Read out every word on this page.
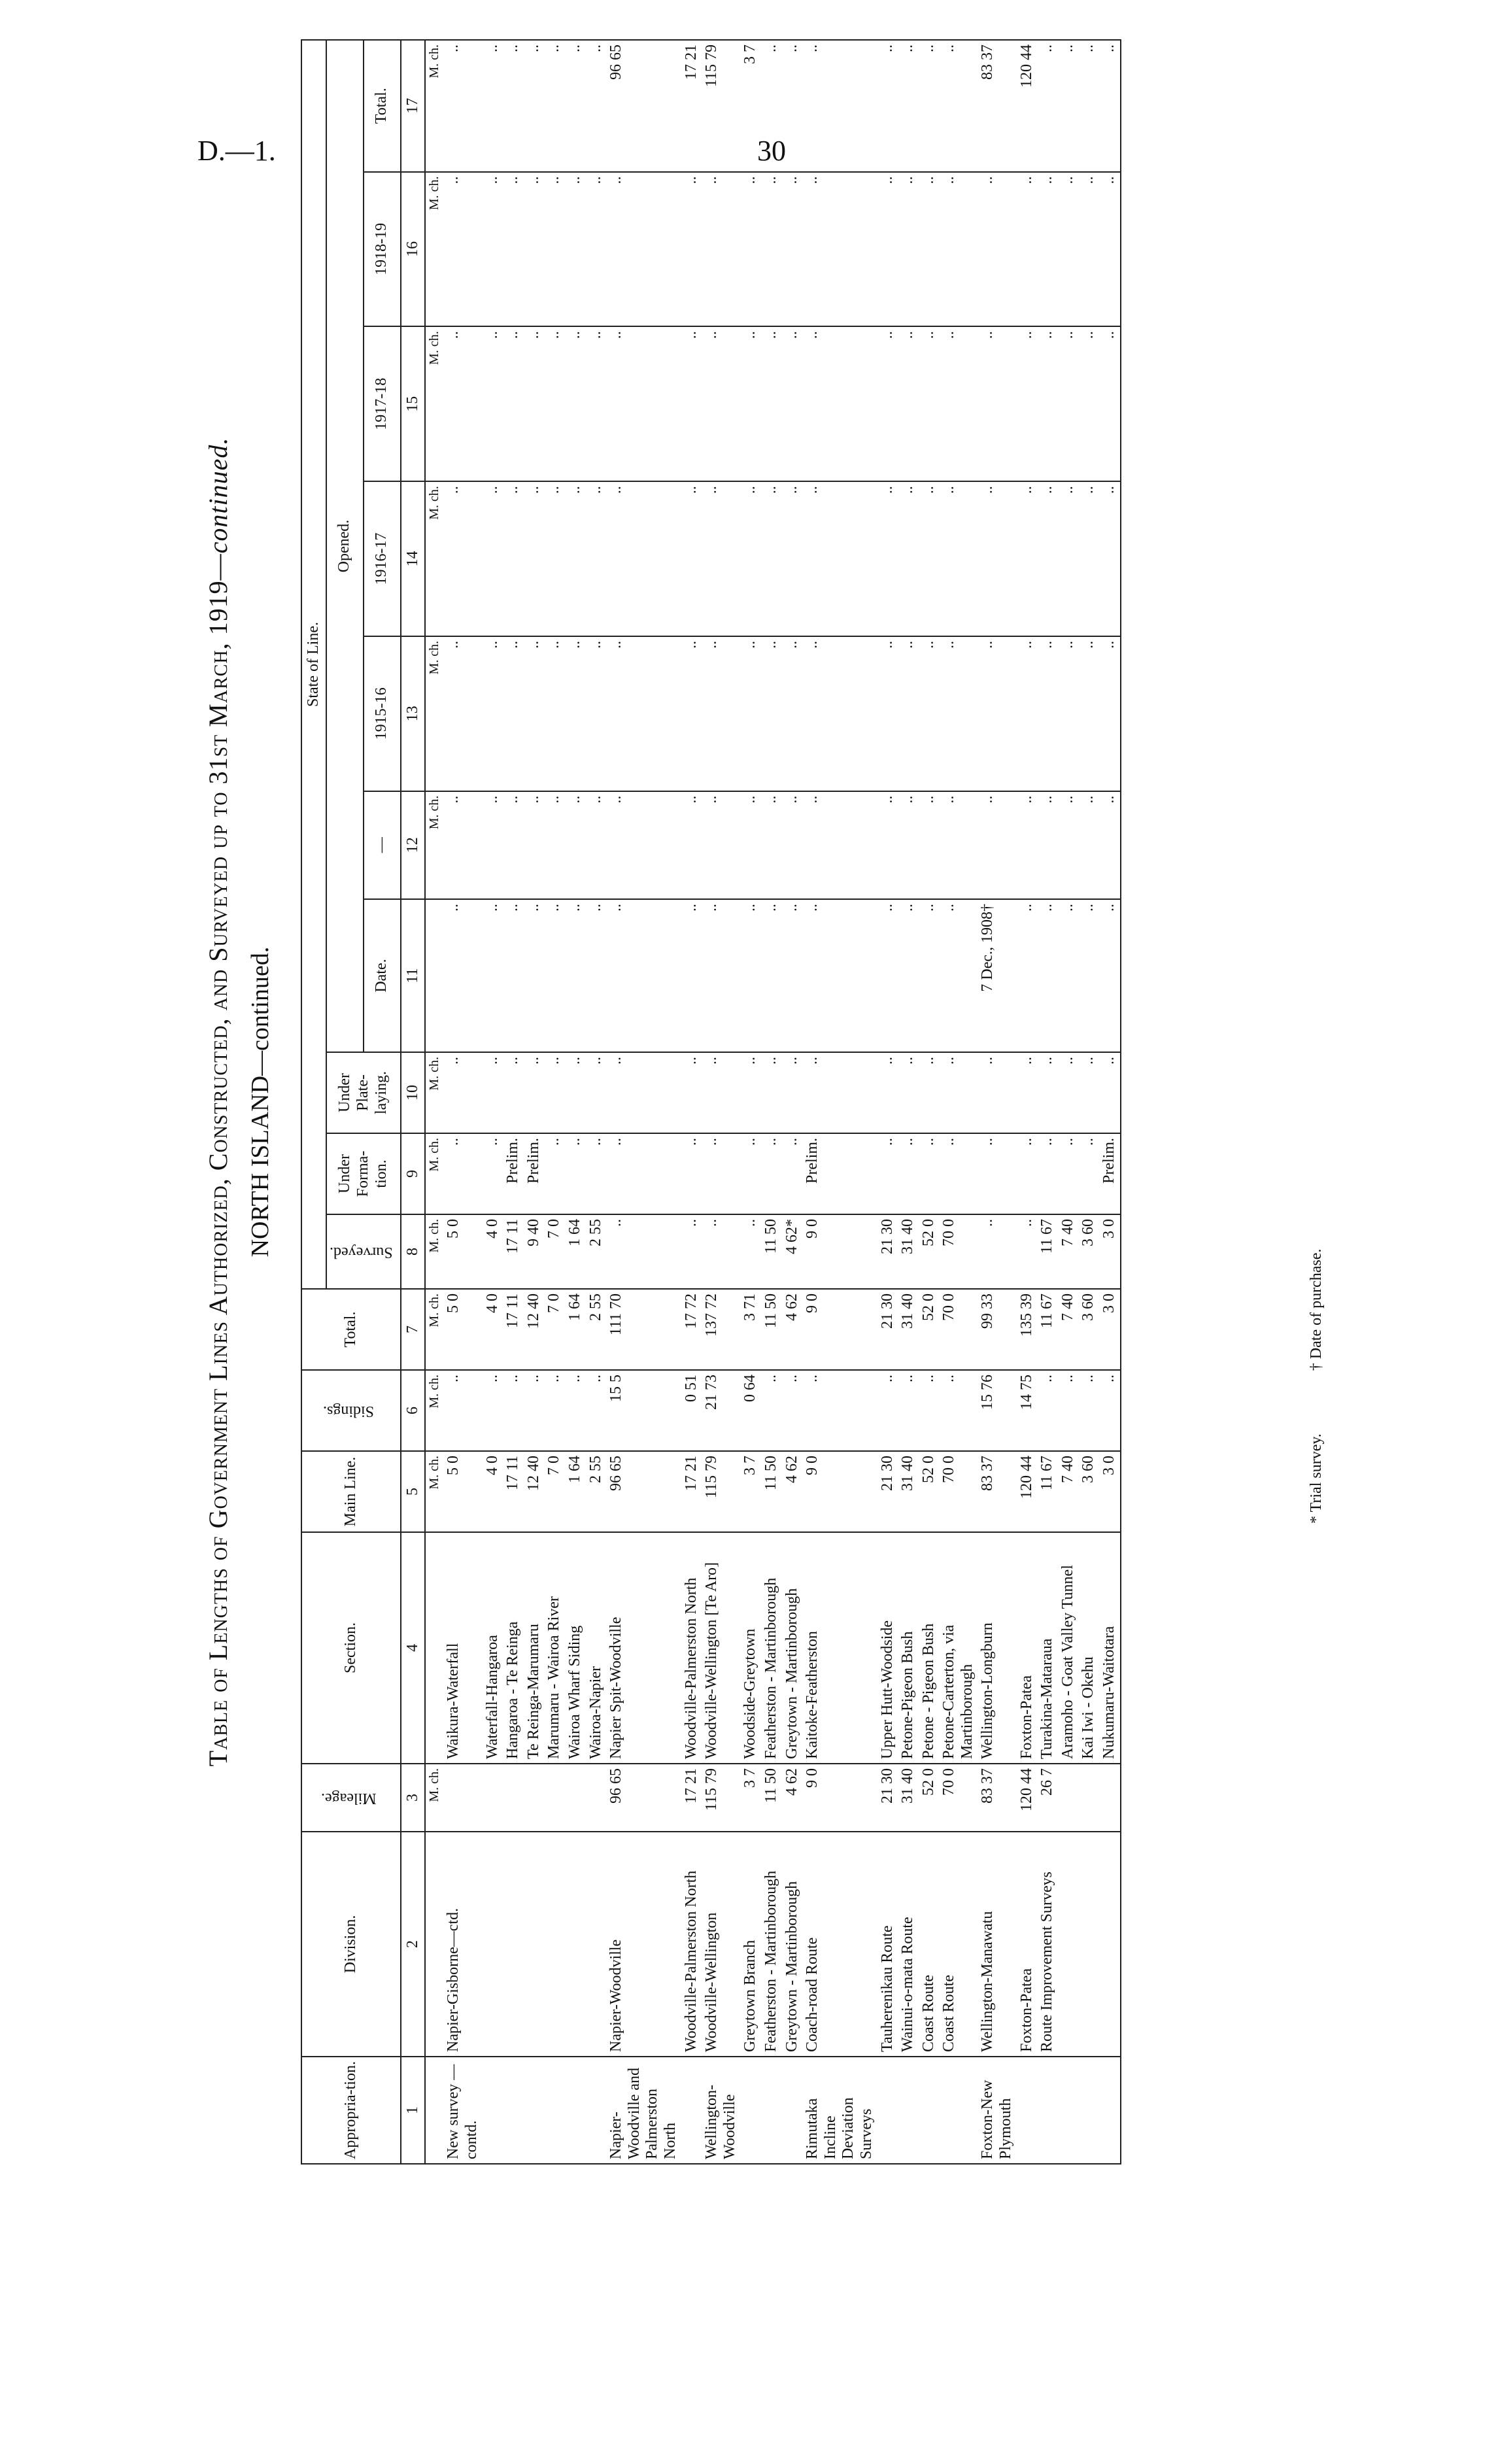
D.—1.	30
Table of Lengths of Government Lines Authorized, Constructed, and Surveyed up to 31st March, 1919—continued.
NORTH ISLAND—continued.
Appropria-tion.	Division.	Mileage.	Section.	Main Line.	Sidings.	Total.	State of Line.									
							Surveyed.	Under Forma-tion.	Under Plate-laying.	Opened.						
										Date.	—	1915-16	1916-17	1917-18	1918-19	Total.
1	2	3	4	5	6	7	8	9	10	11	12	13	14	15	16	17
		M. ch.		M. ch.	M. ch.	M. ch.	M. ch.	M. ch.	M. ch.		M. ch.	M. ch.	M. ch.	M. ch.	M. ch.	M. ch.
New survey —contd.	Napier-Gisborne—ctd.		Waikura-Waterfall	5 0	..	5 0	5 0	..	..	..	..	..	..	..	..	..
			Waterfall-Hangaroa	4 0	..	4 0	4 0	..	..	..	..	..	..	..	..	..
			Hangaroa - Te Reinga	17 11	..	17 11	17 11	Prelim.	..	..	..	..	..	..	..	..
			Te Reinga-Marumaru	12 40	..	12 40	9 40	Prelim.	..	..	..	..	..	..	..	..
			Marumaru - Wairoa River	7 0	..	7 0	7 0	..	..	..	..	..	..	..	..	..
			Wairoa Wharf Siding	1 64	..	1 64	1 64	..	..	..	..	..	..	..	..	..
			Wairoa-Napier	2 55	..	2 55	2 55	..	..	..	..	..	..	..	..	..
Napier-Woodville and Palmerston North	Napier-Woodville	96 65	Napier Spit-Woodville	96 65	15 5	111 70	..	..	..	..	..	..	..	..	..	96 65
	Woodville-Palmerston North	17 21	Woodville-Palmerston North	17 21	0 51	17 72	..	..	..	..	..	..	..	..	..	17 21
Wellington-Woodville	Woodville-Wellington	115 79	Woodville-Wellington [Te Aro]	115 79	21 73	137 72	..	..	..	..	..	..	..	..	..	115 79
	Greytown Branch	3 7	Woodside-Greytown	3 7	0 64	3 71	..	..	..	..	..	..	..	..	..	3 7
	Featherston - Martinborough	11 50	Featherston - Martinborough	11 50	..	11 50	11 50	..	..	..	..	..	..	..	..	..
	Greytown - Martinborough	4 62	Greytown - Martinborough	4 62	..	4 62	4 62*	..	..	..	..	..	..	..	..	..
Rimutaka Incline Deviation Surveys	Coach-road Route	9 0	Kaitoke-Featherston	9 0	..	9 0	9 0	Prelim.	..	..	..	..	..	..	..	..
	Tauherenikau Route	21 30	Upper Hutt-Woodside	21 30	..	21 30	21 30	..	..	..	..	..	..	..	..	..
	Wainui-o-mata Route	31 40	Petone-Pigeon Bush	31 40	..	31 40	31 40	..	..	..	..	..	..	..	..	..
	Coast Route	52 0	Petone - Pigeon Bush	52 0	..	52 0	52 0	..	..	..	..	..	..	..	..	..
	Coast Route	70 0	Petone-Carterton, via Martinborough	70 0	..	70 0	70 0	..	..	..	..	..	..	..	..	..
Foxton-New Plymouth	Wellington-Manawatu	83 37	Wellington-Longburn	83 37	15 76	99 33	..	..	..	7 Dec., 1908†	..	..	..	..	..	83 37
	Foxton-Patea	120 44	Foxton-Patea	120 44	14 75	135 39	..	..	..	..	..	..	..	..	..	120 44
	Route Improvement Surveys	26 7	Turakina-Mataraua	11 67	..	11 67	11 67	..	..	..	..	..	..	..	..	..
			Aramoho - Goat Valley Tunnel	7 40	..	7 40	7 40	..	..	..	..	..	..	..	..	..
			Kai Iwi - Okehu	3 60	..	3 60	3 60	..	..	..	..	..	..	..	..	..
			Nukumaru-Waitotara	3 0	..	3 0	3 0	Prelim.	..	..	..	..	..	..	..	..
* Trial survey. † Date of purchase.
